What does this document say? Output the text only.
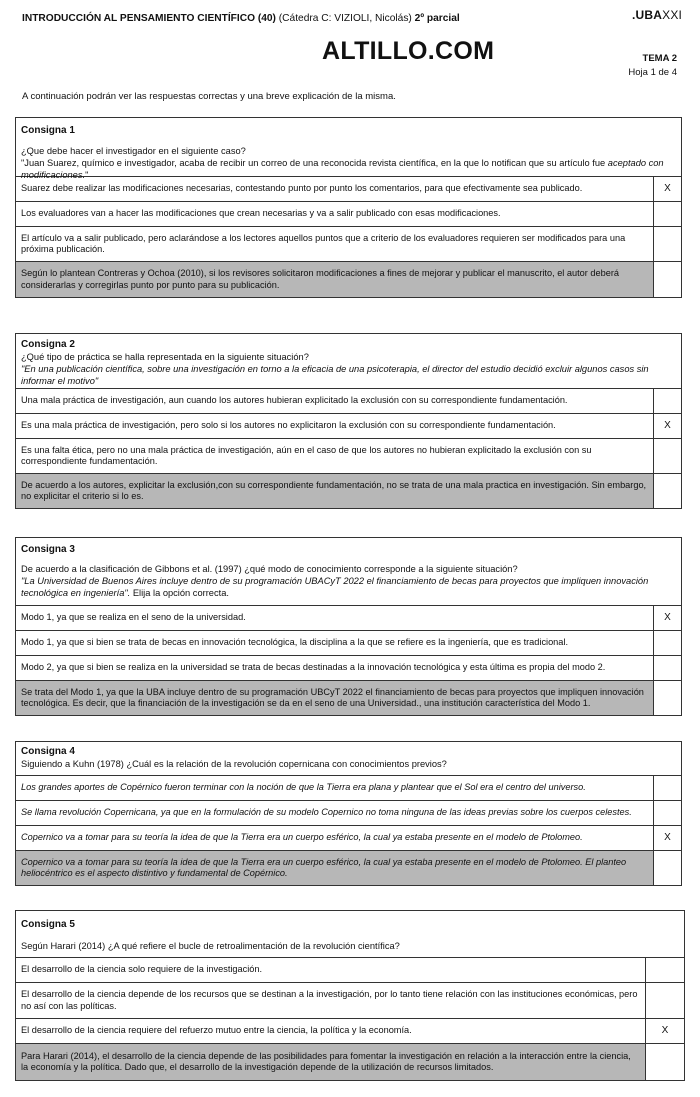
INTRODUCCIÓN AL PENSAMIENTO CIENTÍFICO (40) (Cátedra C: VIZIOLI, Nicolás) 2º parcial	.UBAXXI
ALTILLO.COM	TEMA 2
Hoja 1 de 4
A continuación podrán ver las respuestas correctas y una breve explicación de la misma.
Consigna 1
¿Que debe hacer el investigador en el siguiente caso?
"Juan Suarez, químico e investigador, acaba de recibir un correo de una reconocida revista científica, en la que lo notifican que su artículo fue aceptado con modificaciones."
Suarez debe realizar las modificaciones necesarias, contestando punto por punto los comentarios, para que efectivamente sea publicado.	X
Los evaluadores van a hacer las modificaciones que crean necesarias y va a salir publicado con esas modificaciones.
El artículo va a salir publicado, pero aclarándose a los lectores aquellos puntos que a criterio de los evaluadores requieren ser modificados para una próxima publicación.
Según lo plantean Contreras y Ochoa (2010), si los revisores solicitaron modificaciones a fines de mejorar y publicar el manuscrito, el autor deberá considerarlas y corregirlas punto por punto para su publicación.
Consigna 2
¿Qué tipo de práctica se halla representada en la siguiente situación?
"En una publicación científica, sobre una investigación en torno a la eficacia de una psicoterapia, el director del estudio decidió excluir algunos casos sin informar el motivo"
Una mala práctica de investigación, aun cuando los autores hubieran explicitado la exclusión con su correspondiente fundamentación.
Es una mala práctica de investigación, pero solo si los autores no explicitaron la exclusión con su correspondiente fundamentación.	X
Es una falta ética, pero no una mala práctica de investigación, aún en el caso de que los autores no hubieran explicitado la exclusión con su correspondiente fundamentación.
De acuerdo a los autores, explicitar la exclusión,con su correspondiente fundamentación, no se trata de una mala practica en investigación. Sin embargo, no explicitar el criterio si lo es.
Consigna 3
De acuerdo a la clasificación de Gibbons et al. (1997) ¿qué modo de conocimiento corresponde a la siguiente situación?
"La Universidad de Buenos Aires incluye dentro de su programación UBACyT 2022 el financiamiento de becas para proyectos que impliquen innovación tecnológica en ingeniería". Elija la opción correcta.
Modo 1, ya que se realiza en el seno de la universidad.	X
Modo 1, ya que si bien se trata de becas en innovación tecnológica, la disciplina a la que se refiere es la ingeniería, que es tradicional.
Modo 2, ya que si bien se realiza en la universidad se trata de becas destinadas a la innovación tecnológica y esta última es propia del modo 2.
Se trata del Modo 1, ya que la UBA incluye dentro de su programación UBCyT 2022 el financiamiento de becas para proyectos que impliquen innovación tecnológica. Es decir, que la financiación de la investigación se da en el seno de una Universidad., una institución característica del Modo 1.
Consigna 4
Siguiendo a Kuhn (1978) ¿Cuál es la relación de la revolución copernicana con conocimientos previos?
Los grandes aportes de Copérnico fueron terminar con la noción de que la Tierra era plana y plantear que el Sol era el centro del universo.
Se llama revolución Copernicana, ya que en la formulación de su modelo Copernico no toma ninguna de las ideas previas sobre los cuerpos celestes.
Copernico va a tomar para su teoría la idea de que la Tierra era un cuerpo esférico, la cual ya estaba presente en el modelo de Ptolomeo.	X
Copernico va a tomar para su teoría la idea de que la Tierra era un cuerpo esférico, la cual ya estaba presente en el modelo de Ptolomeo. El planteo heliocéntrico es el aspecto distintivo y fundamental de Copérnico.
Consigna 5
Según Harari (2014) ¿A qué refiere el bucle de retroalimentación de la revolución científica?
El desarrollo de la ciencia solo requiere de la investigación.
El desarrollo de la ciencia depende de los recursos que se destinan a la investigación, por lo tanto tiene relación con las instituciones económicas, pero no así con las políticas.
El desarrollo de la ciencia requiere del refuerzo mutuo entre la ciencia, la política y la economía.	X
Para Harari (2014), el desarrollo de la ciencia depende de las posibilidades para fomentar la investigación en relación a la interacción entre la ciencia, la economía y la política. Dado que, el desarrollo de la investigación depende de la utilización de recursos limitados.
